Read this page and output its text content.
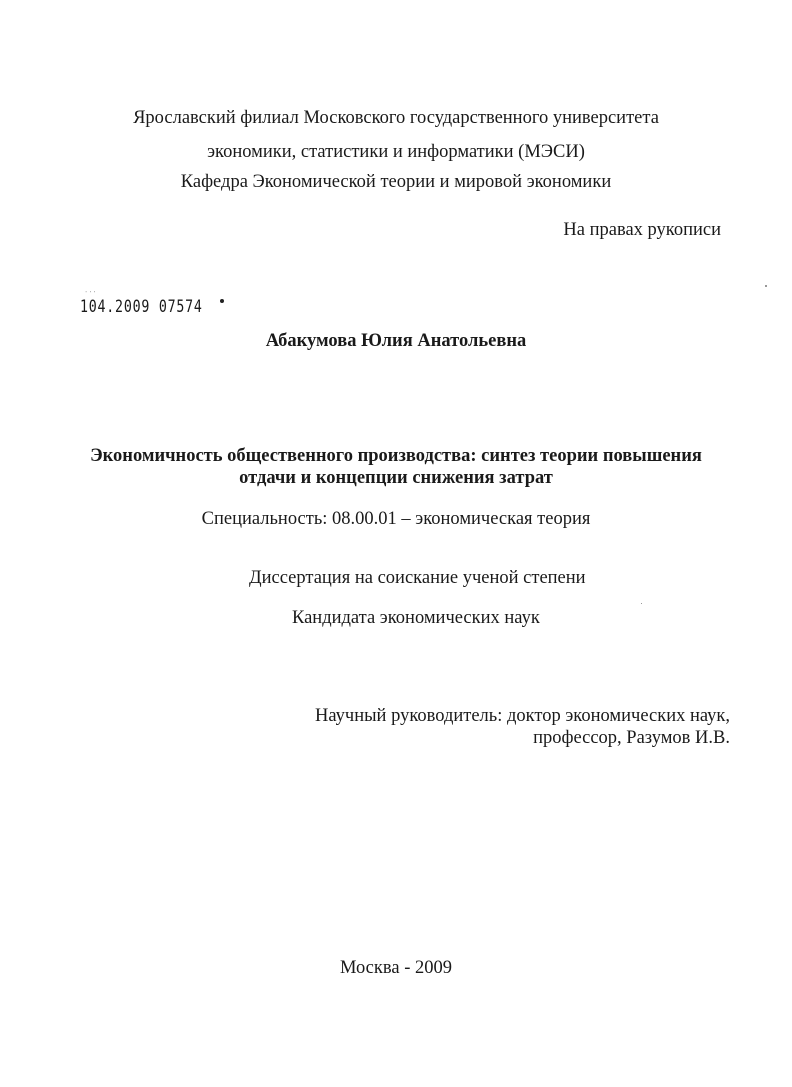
Ярославский филиал Московского государственного университета
экономики, статистики и информатики (МЭСИ)
Кафедра Экономической теории и мировой экономики
На правах рукописи
˙˙˙
104.2009 07574
Абакумова Юлия Анатольевна
Экономичность общественного производства: синтез теории повышения
отдачи и концепции снижения затрат
Специальность: 08.00.01 – экономическая теория
Диссертация на соискание ученой степени
Кандидата экономических наук
Научный руководитель: доктор экономических наук,
профессор, Разумов И.В.
Москва - 2009
